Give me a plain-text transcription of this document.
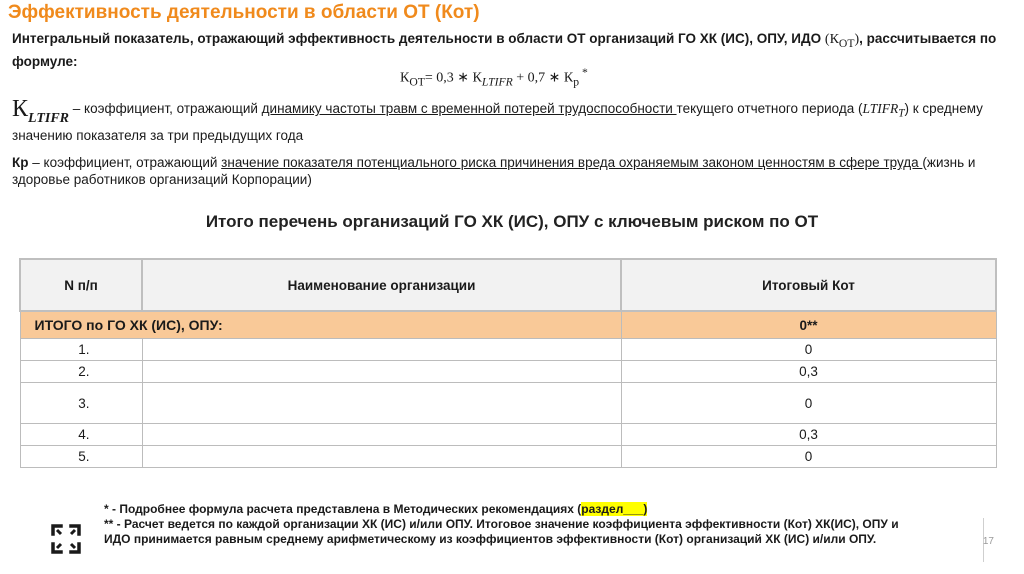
Эффективность деятельности в области ОТ (Кот)
Интегральный показатель, отражающий эффективность деятельности в области ОТ организаций ГО ХК (ИС), ОПУ, ИДО $(К_{ОТ})$, рассчитывается по формуле:
$К_{ОТ}= 0,3$ ∗ $К_{LTIFR} + 0,7$ ∗ $К_р$ *
$К_{LTIFR}$ – коэффициент, отражающий динамику частоты травм с временной потерей трудоспособности текущего отчетного периода $(LTIFR_Т)$ к среднему значению показателя за три предыдущих года
Кр – коэффициент, отражающий значение показателя потенциального риска причинения вреда охраняемым законом ценностям в сфере труда (жизнь и здоровье работников организаций Корпорации)
Итого перечень организаций ГО ХК (ИС), ОПУ с ключевым риском по ОТ
N п/п	Наименование организации	Итоговый Кот
ИТОГО по ГО ХК (ИС), ОПУ:		0**
1.		0
2.		0,3
3.		0
4.		0,3
5.		0
* - Подробнее формула расчета представлена в Методических рекомендациях (раздел___)
** - Расчет ведется по каждой организации ХК (ИС) и/или ОПУ. Итоговое значение коэффициента эффективности (Кот) ХК(ИС), ОПУ и ИДО принимается равным среднему арифметическому из коэффициентов эффективности (Кот) организаций ХК (ИС) и/или ОПУ.	17
